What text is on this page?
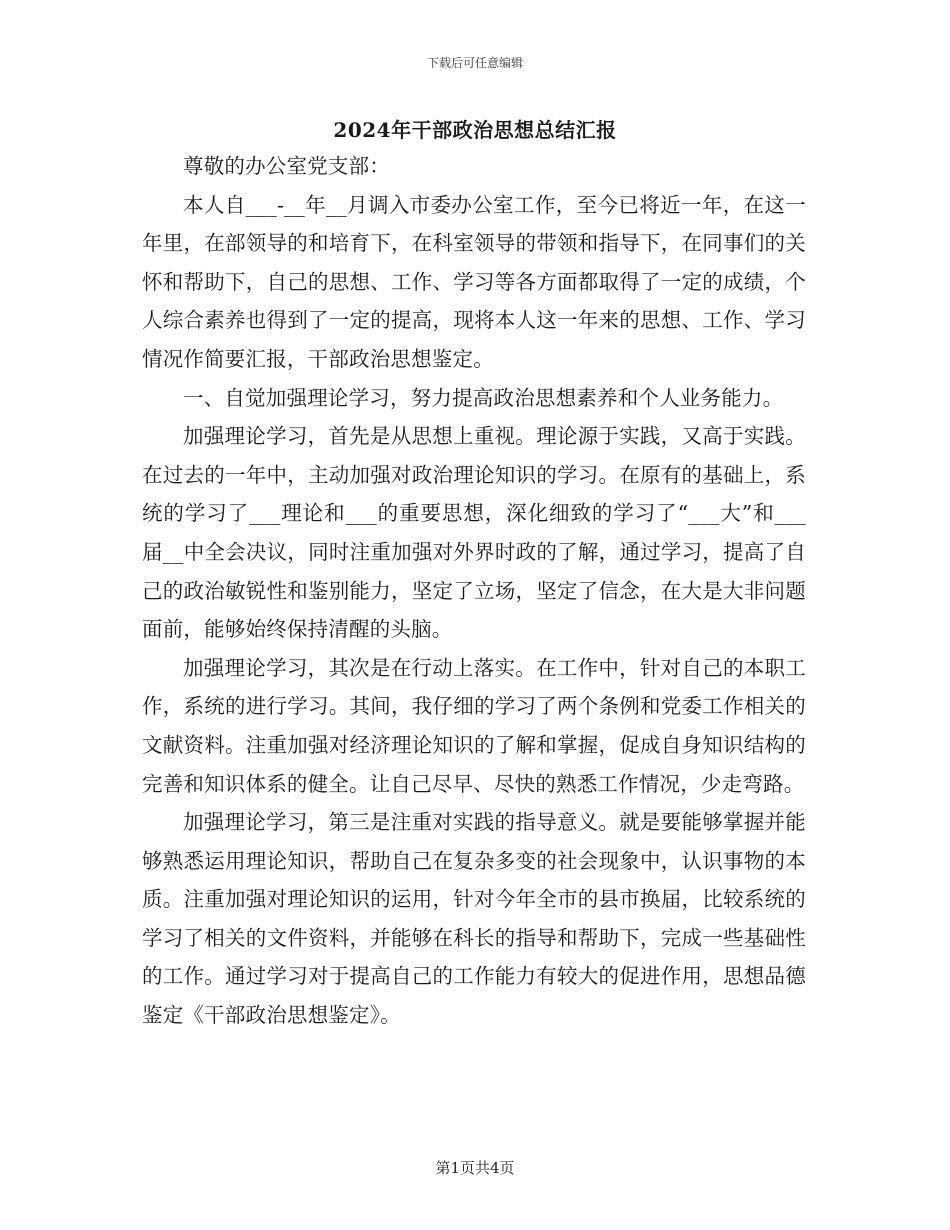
下载后可任意编辑
2024年干部政治思想总结汇报

尊敬的办公室党支部：

本人自___-__年__月调入市委办公室工作，至今已将近一年，在这一年里，在部领导的和培育下，在科室领导的带领和指导下，在同事们的关怀和帮助下，自己的思想、工作、学习等各方面都取得了一定的成绩，个人综合素养也得到了一定的提高，现将本人这一年来的思想、工作、学习情况作简要汇报，干部政治思想鉴定。

一、自觉加强理论学习，努力提高政治思想素养和个人业务能力。

加强理论学习，首先是从思想上重视。理论源于实践，又高于实践。在过去的一年中，主动加强对政治理论知识的学习。在原有的基础上，系统的学习了___理论和___的重要思想，深化细致的学习了“___大”和___届__中全会决议，同时注重加强对外界时政的了解，通过学习，提高了自己的政治敏锐性和鉴别能力，坚定了立场，坚定了信念，在大是大非问题面前，能够始终保持清醒的头脑。

加强理论学习，其次是在行动上落实。在工作中，针对自己的本职工作，系统的进行学习。其间，我仔细的学习了两个条例和党委工作相关的文献资料。注重加强对经济理论知识的了解和掌握，促成自身知识结构的完善和知识体系的健全。让自己尽早、尽快的熟悉工作情况，少走弯路。

加强理论学习，第三是注重对实践的指导意义。就是要能够掌握并能够熟悉运用理论知识，帮助自己在复杂多变的社会现象中，认识事物的本质。注重加强对理论知识的运用，针对今年全市的县市换届，比较系统的学习了相关的文件资料，并能够在科长的指导和帮助下，完成一些基础性的工作。通过学习对于提高自己的工作能力有较大的促进作用，思想品德鉴定《干部政治思想鉴定》。

第1页共4页
